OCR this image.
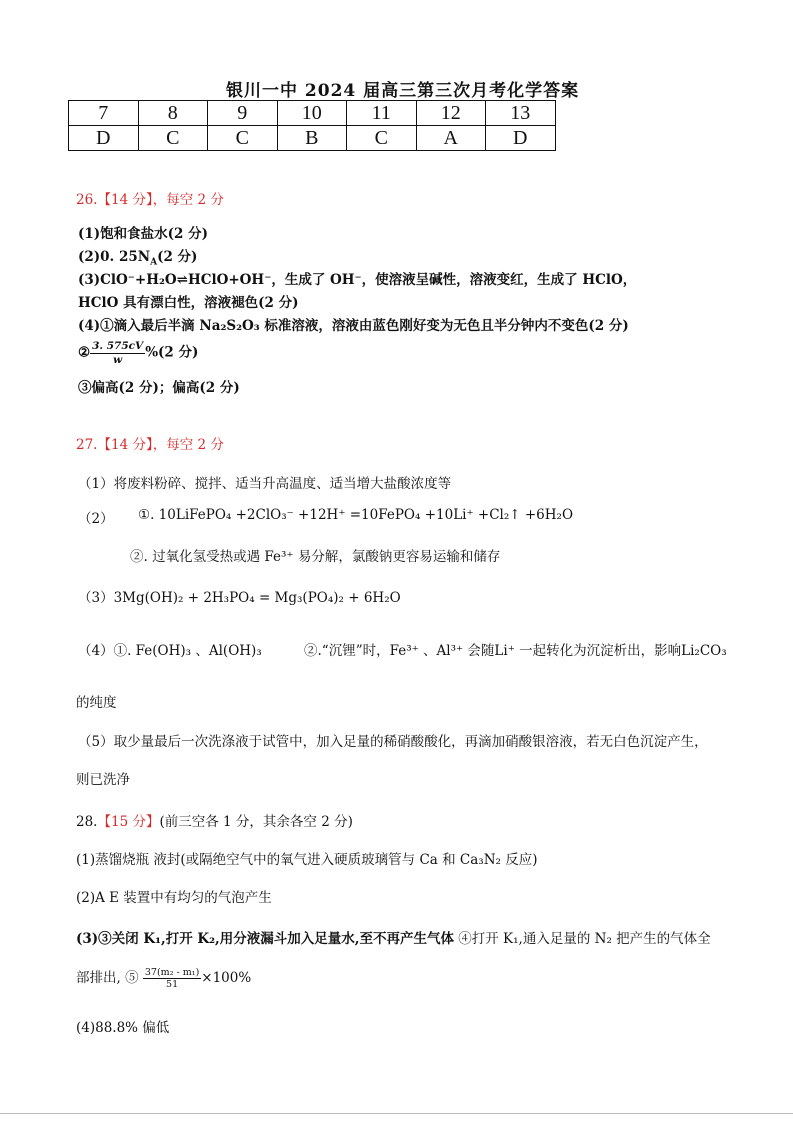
银川一中 2024 届高三第三次月考化学答案
7	8	9	10	11	12	13
D	C	C	B	C	A	D
26.【14 分】，每空 2 分
(1)饱和食盐水(2 分)
(2)0. $25N_A(2$ 分)
(3)ClO⁻+H₂O⇌HClO+OH⁻，生成了 OH⁻，使溶液呈碱性，溶液变红，生成了 HClO，
HClO 具有漂白性，溶液褪色(2 分)
(4)①滴入最后半滴 Na₂S₂O₃ 标准溶液，溶液由蓝色刚好变为无色且半分钟内不变色(2 分)
② $\frac{3. 575cV}{w} \%(2$ 分)
③偏高(2 分)；偏高(2 分)
27.【14 分】，每空 2 分
（1）将废料粉碎、搅拌、适当升高温度、适当增大盐酸浓度等
（2） ①. 10LiFePO₄ +2ClO₃⁻ +12H⁺ =10FePO₄ +10Li⁺ +Cl₂↑ +6H₂O
②. 过氧化氢受热或遇 Fe³⁺ 易分解，氯酸钠更容易运输和储存
（3）3Mg(OH)₂ + 2H₃PO₄ = Mg₃(PO₄)₂ + 6H₂O
（4）①. Fe(OH)₃ 、Al(OH)₃	②.“沉锂”时，Fe³⁺ 、Al³⁺ 会随Li⁺ 一起转化为沉淀析出，影响Li₂CO₃
的纯度
（5）取少量最后一次洗涤液于试管中，加入足量的稀硝酸酸化，再滴加硝酸银溶液，若无白色沉淀产生，
则已洗净
28.【15 分】(前三空各 1 分，其余各空 2 分)
(1)蒸馏烧瓶 液封(或隔绝空气中的氧气进入硬质玻璃管与 Ca 和 Ca₃N₂ 反应)
(2)A E 装置中有均匀的气泡产生
(3)③关闭 K₁,打开 K₂,用分液漏斗加入足量水,至不再产生气体 ④打开 K₁,通入足量的 N₂ 把产生的气体全
部排出, ⑤ $\frac{\text{37(m₂ - m₁)}}{51} \times 100\%$
(4)88.8% 偏低
